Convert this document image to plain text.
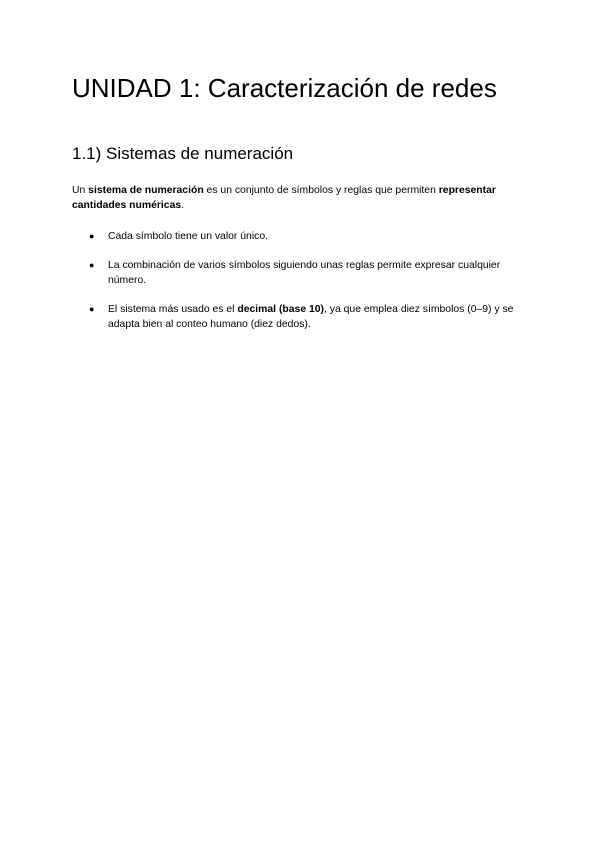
UNIDAD 1: Caracterización de redes
1.1) Sistemas de numeración

Un sistema de numeración es un conjunto de símbolos y reglas que permiten representar cantidades numéricas.

● Cada símbolo tiene un valor único.
● La combinación de varios símbolos siguiendo unas reglas permite expresar cualquier número.
● El sistema más usado es el decimal (base 10), ya que emplea diez símbolos (0–9) y se adapta bien al conteo humano (diez dedos).
